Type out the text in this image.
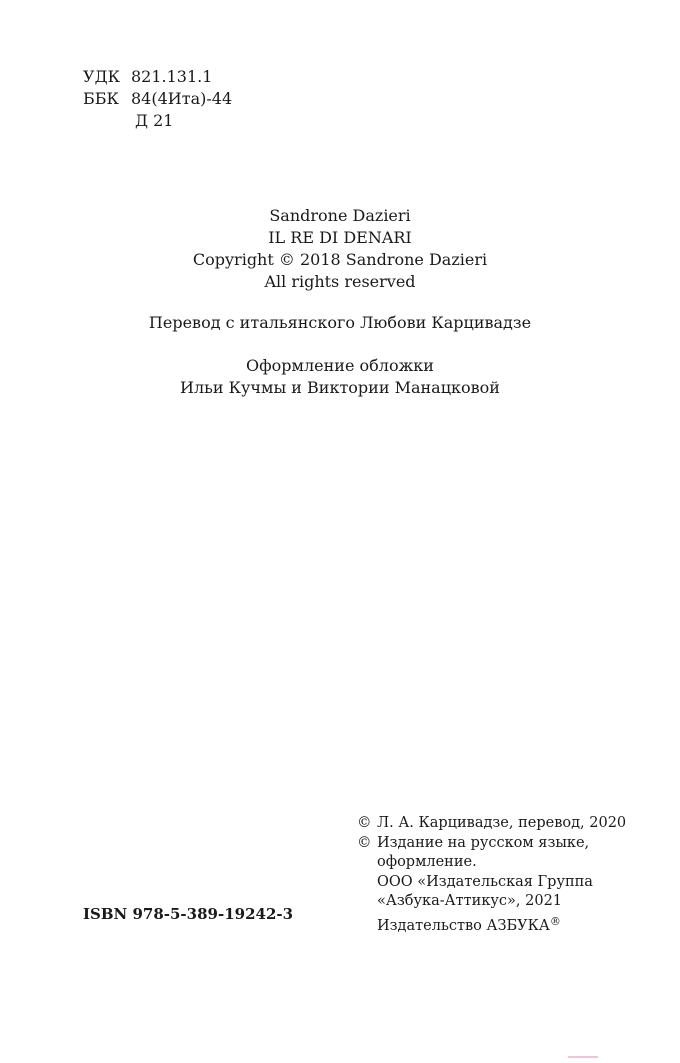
УДК 821.131.1
ББК 84(4Ита)-44
Д 21
Sandrone Dazieri
IL RE DI DENARI
Copyright © 2018 Sandrone Dazieri
All rights reserved
Перевод с итальянского Любови Карцивадзе
Оформление обложки
Ильи Кучмы и Виктории Манацковой
ISBN 978-5-389-19242-3
© Л. А. Карцивадзе, перевод, 2020
© Издание на русском языке,
оформление.
ООО «Издательская Группа
«Азбука-Аттикус», 2021
Издательство АЗБУКА®
